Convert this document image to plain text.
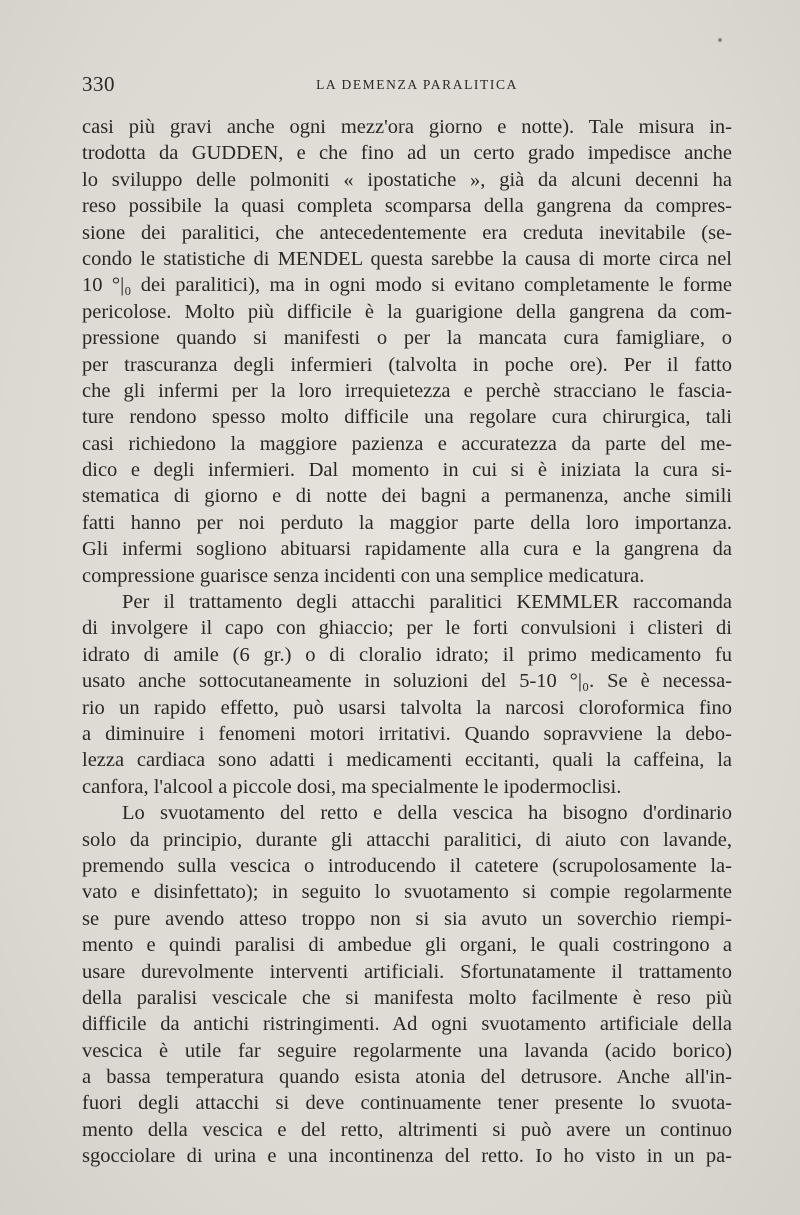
330	LA DEMENZA PARALITICA
casi più gravi anche ogni mezz'ora giorno e notte). Tale misura in-
trodotta da GUDDEN, e che fino ad un certo grado impedisce anche
lo sviluppo delle polmoniti « ipostatiche », già da alcuni decenni ha
reso possibile la quasi completa scomparsa della gangrena da compres-
sione dei paralitici, che antecedentemente era creduta inevitabile (se-
condo le statistiche di MENDEL questa sarebbe la causa di morte circa nel
10 °|₀ dei paralitici), ma in ogni modo si evitano completamente le forme
pericolose. Molto più difficile è la guarigione della gangrena da com-
pressione quando si manifesti o per la mancata cura famigliare, o
per trascuranza degli infermieri (talvolta in poche ore). Per il fatto
che gli infermi per la loro irrequietezza e perchè stracciano le fascia-
ture rendono spesso molto difficile una regolare cura chirurgica, tali
casi richiedono la maggiore pazienza e accuratezza da parte del me-
dico e degli infermieri. Dal momento in cui si è iniziata la cura si-
stematica di giorno e di notte dei bagni a permanenza, anche simili
fatti hanno per noi perduto la maggior parte della loro importanza.
Gli infermi sogliono abituarsi rapidamente alla cura e la gangrena da
compressione guarisce senza incidenti con una semplice medicatura.
Per il trattamento degli attacchi paralitici KEMMLER raccomanda
di involgere il capo con ghiaccio; per le forti convulsioni i clisteri di
idrato di amile (6 gr.) o di cloralio idrato; il primo medicamento fu
usato anche sottocutaneamente in soluzioni del 5-10 °|₀. Se è necessa-
rio un rapido effetto, può usarsi talvolta la narcosi cloroformica fino
a diminuire i fenomeni motori irritativi. Quando sopravviene la debo-
lezza cardiaca sono adatti i medicamenti eccitanti, quali la caffeina, la
canfora, l'alcool a piccole dosi, ma specialmente le ipodermoclisi.
Lo svuotamento del retto e della vescica ha bisogno d'ordinario
solo da principio, durante gli attacchi paralitici, di aiuto con lavande,
premendo sulla vescica o introducendo il catetere (scrupolosamente la-
vato e disinfettato); in seguito lo svuotamento si compie regolarmente
se pure avendo atteso troppo non si sia avuto un soverchio riempi-
mento e quindi paralisi di ambedue gli organi, le quali costringono a
usare durevolmente interventi artificiali. Sfortunatamente il trattamento
della paralisi vescicale che si manifesta molto facilmente è reso più
difficile da antichi ristringimenti. Ad ogni svuotamento artificiale della
vescica è utile far seguire regolarmente una lavanda (acido borico)
a bassa temperatura quando esista atonia del detrusore. Anche all'in-
fuori degli attacchi si deve continuamente tener presente lo svuota-
mento della vescica e del retto, altrimenti si può avere un continuo
sgocciolare di urina e una incontinenza del retto. Io ho visto in un pa-
